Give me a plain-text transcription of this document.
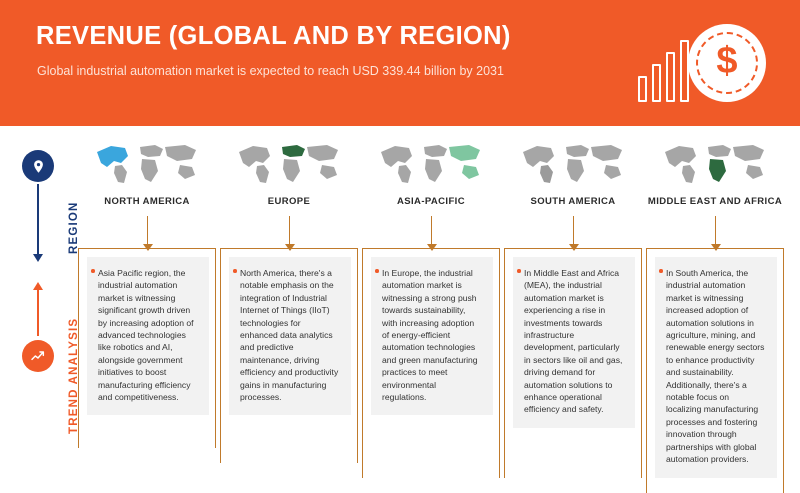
REVENUE (GLOBAL AND BY REGION)
Global industrial automation market is expected to reach USD 339.44 billion by 2031	$
REGION
TREND ANALYSIS
NORTH AMERICA
Asia Pacific region, the industrial automation market is witnessing significant growth driven by increasing adoption of advanced technologies like robotics and AI, alongside government initiatives to boost manufacturing efficiency and competitiveness.
EUROPE
North America, there's a notable emphasis on the integration of Industrial Internet of Things (IIoT) technologies for enhanced data analytics and predictive maintenance, driving efficiency and productivity gains in manufacturing processes.
ASIA-PACIFIC
In Europe, the industrial automation market is witnessing a strong push towards sustainability, with increasing adoption of energy-efficient automation technologies and green manufacturing practices to meet environmental regulations.
SOUTH AMERICA
In Middle East and Africa (MEA), the industrial automation market is experiencing a rise in investments towards infrastructure development, particularly in sectors like oil and gas, driving demand for automation solutions to enhance operational efficiency and safety.
MIDDLE EAST AND AFRICA
In South America, the industrial automation market is witnessing increased adoption of automation solutions in agriculture, mining, and renewable energy sectors to enhance productivity and sustainability. Additionally, there's a notable focus on localizing manufacturing processes and fostering innovation through partnerships with global automation providers.
